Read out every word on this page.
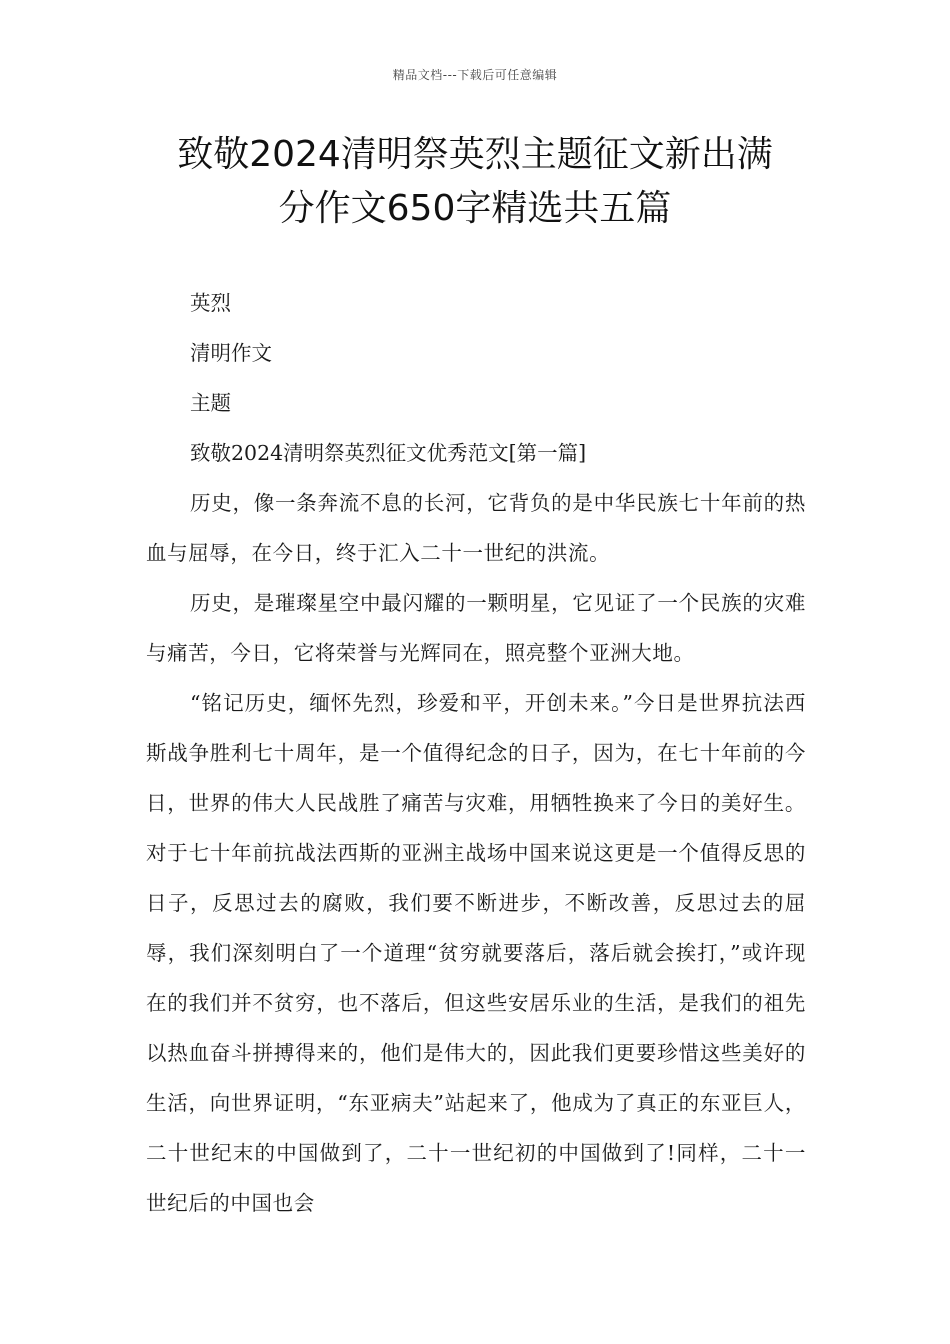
精品文档---下载后可任意编辑
致敬2024清明祭英烈主题征文新出满
分作文650字精选共五篇

英烈

清明作文

主题

致敬2024清明祭英烈征文优秀范文[第一篇]

历史，像一条奔流不息的长河，它背负的是中华民族七十年前的热血与屈辱，在今日，终于汇入二十一世纪的洪流。

历史，是璀璨星空中最闪耀的一颗明星，它见证了一个民族的灾难与痛苦，今日，它将荣誉与光辉同在，照亮整个亚洲大地。

“铭记历史，缅怀先烈，珍爱和平，开创未来。”今日是世界抗法西斯战争胜利七十周年，是一个值得纪念的日子，因为，在七十年前的今日，世界的伟大人民战胜了痛苦与灾难，用牺牲换来了今日的美好生。对于七十年前抗战法西斯的亚洲主战场中国来说这更是一个值得反思的日子，反思过去的腐败，我们要不断进步，不断改善，反思过去的屈辱，我们深刻明白了一个道理“贫穷就要落后，落后就会挨打，”或许现在的我们并不贫穷，也不落后，但这些安居乐业的生活，是我们的祖先以热血奋斗拼搏得来的，他们是伟大的，因此我们更要珍惜这些美好的生活，向世界证明，“东亚病夫”站起来了，他成为了真正的东亚巨人，二十世纪末的中国做到了，二十一世纪初的中国做到了!同样，二十一世纪后的中国也会
